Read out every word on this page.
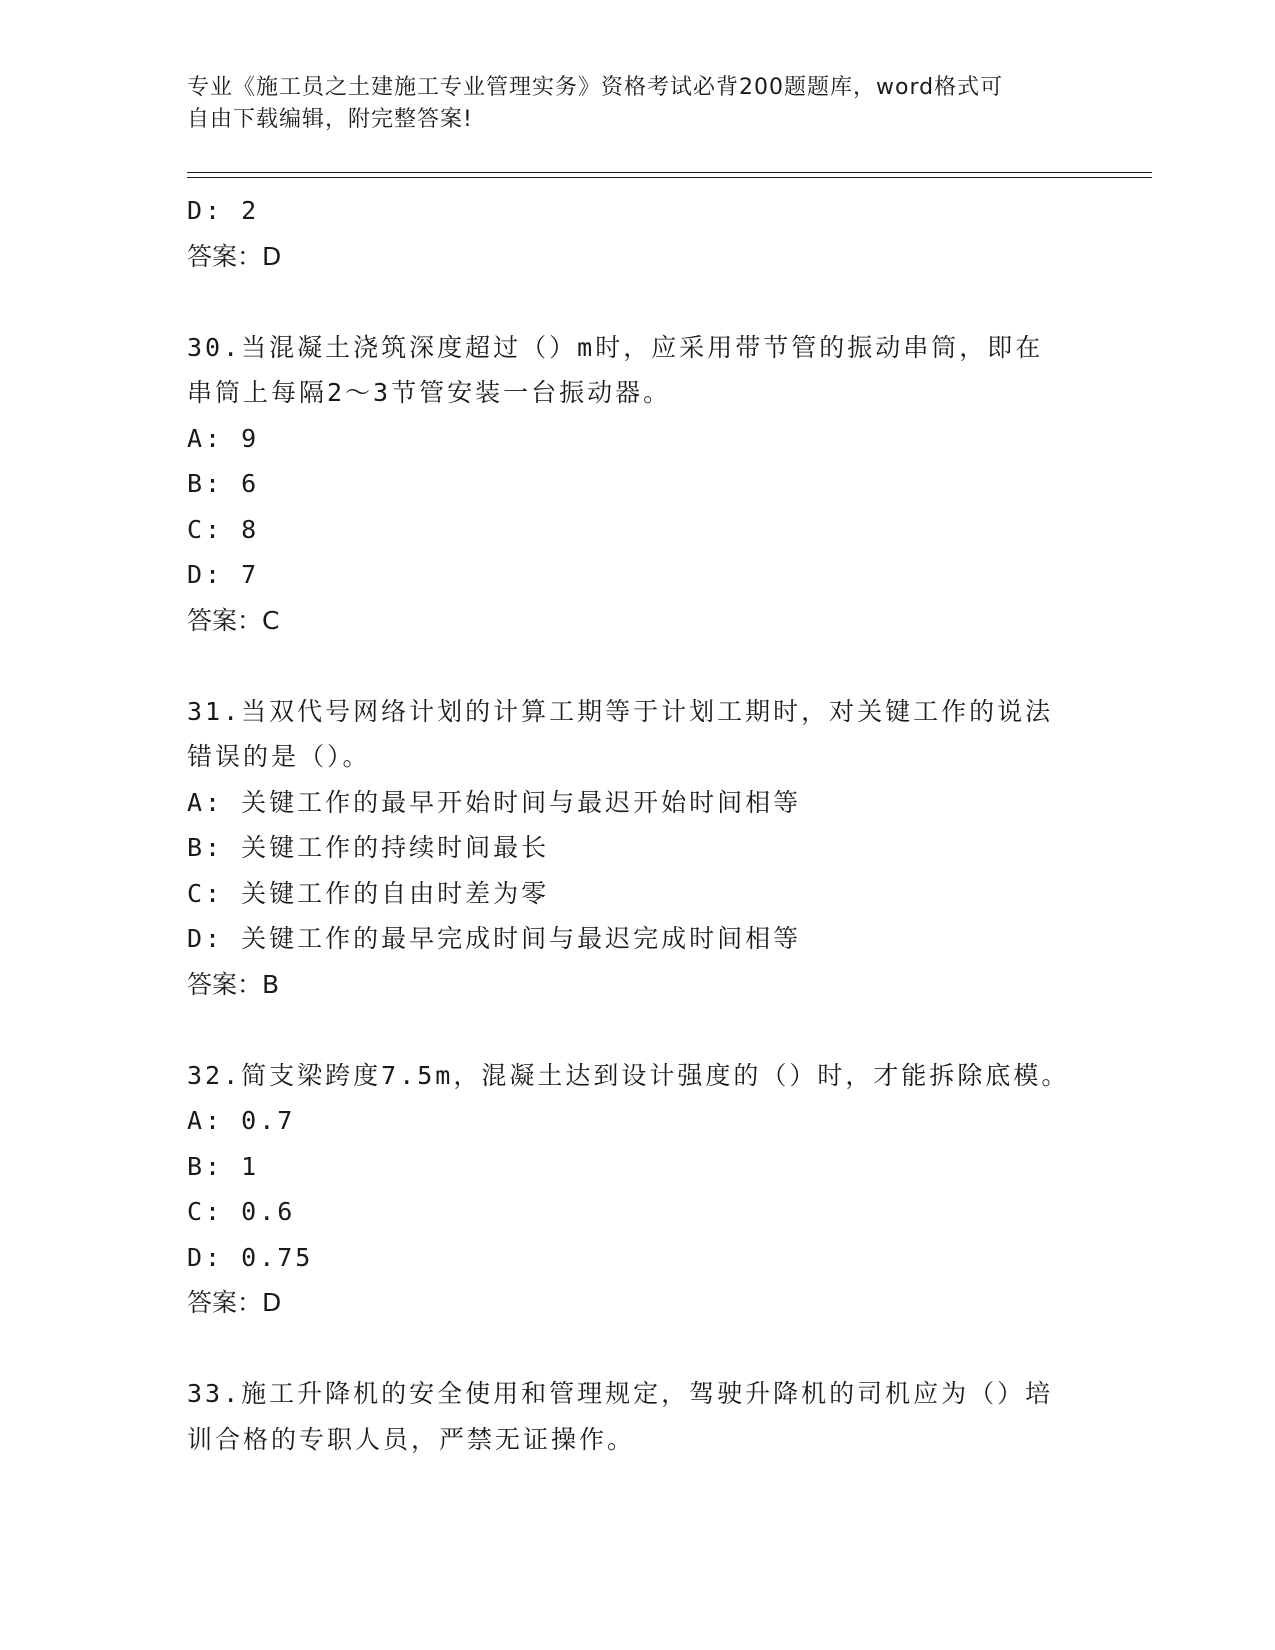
专业《施工员之土建施工专业管理实务》资格考试必背200题题库，word格式可
自由下载编辑，附完整答案!
D: 2
答案：D
30.当混凝土浇筑深度超过（）m时，应采用带节管的振动串筒，即在
串筒上每隔2～3节管安装一台振动器。
A: 9
B: 6
C: 8
D: 7
答案：C
31.当双代号网络计划的计算工期等于计划工期时，对关键工作的说法
错误的是（）。
A: 关键工作的最早开始时间与最迟开始时间相等
B: 关键工作的持续时间最长
C: 关键工作的自由时差为零
D: 关键工作的最早完成时间与最迟完成时间相等
答案：B
32.简支梁跨度7.5m，混凝土达到设计强度的（）时，才能拆除底模。
A: 0.7
B: 1
C: 0.6
D: 0.75
答案：D
33.施工升降机的安全使用和管理规定，驾驶升降机的司机应为（）培
训合格的专职人员，严禁无证操作。
